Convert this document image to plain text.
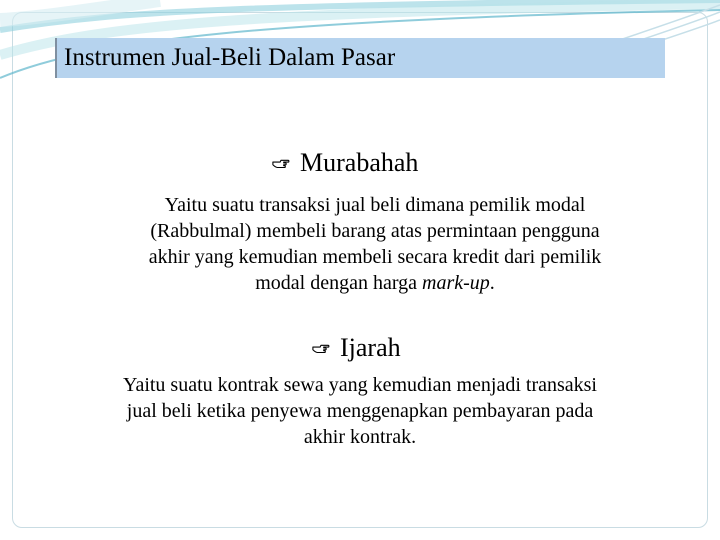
Instrumen Jual-Beli Dalam Pasar
Murabahah
Yaitu suatu transaksi jual beli dimana pemilik modal
(Rabbulmal) membeli barang atas permintaan pengguna
akhir yang kemudian membeli secara kredit dari pemilik
modal dengan harga mark-up.
Ijarah
Yaitu suatu kontrak sewa yang kemudian menjadi transaksi
jual beli ketika penyewa menggenapkan pembayaran pada
akhir kontrak.
